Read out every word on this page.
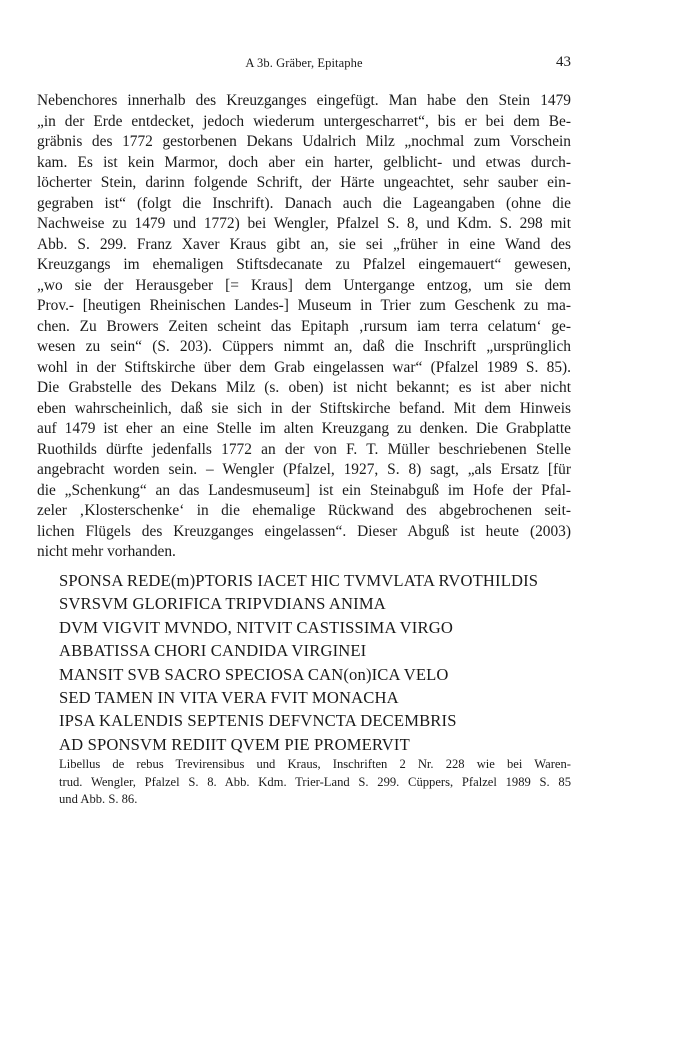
A 3b. Gräber, Epitaphe	43
Nebenchores innerhalb des Kreuzganges eingefügt. Man habe den Stein 1479
„in der Erde entdecket, jedoch wiederum untergescharret“, bis er bei dem Be-
gräbnis des 1772 gestorbenen Dekans Udalrich Milz „nochmal zum Vorschein
kam. Es ist kein Marmor, doch aber ein harter, gelblicht- und etwas durch-
löcherter Stein, darinn folgende Schrift, der Härte ungeachtet, sehr sauber ein-
gegraben ist“ (folgt die Inschrift). Danach auch die Lageangaben (ohne die
Nachweise zu 1479 und 1772) bei Wengler, Pfalzel S. 8, und Kdm. S. 298 mit
Abb. S. 299. Franz Xaver Kraus gibt an, sie sei „früher in eine Wand des
Kreuzgangs im ehemaligen Stiftsdecanate zu Pfalzel eingemauert“ gewesen,
„wo sie der Herausgeber [= Kraus] dem Untergange entzog, um sie dem
Prov.- [heutigen Rheinischen Landes-] Museum in Trier zum Geschenk zu ma-
chen. Zu Browers Zeiten scheint das Epitaph ‚rursum iam terra celatum‘ ge-
wesen zu sein“ (S. 203). Cüppers nimmt an, daß die Inschrift „ursprünglich
wohl in der Stiftskirche über dem Grab eingelassen war“ (Pfalzel 1989 S. 85).
Die Grabstelle des Dekans Milz (s. oben) ist nicht bekannt; es ist aber nicht
eben wahrscheinlich, daß sie sich in der Stiftskirche befand. Mit dem Hinweis
auf 1479 ist eher an eine Stelle im alten Kreuzgang zu denken. Die Grabplatte
Ruothilds dürfte jedenfalls 1772 an der von F. T. Müller beschriebenen Stelle
angebracht worden sein. – Wengler (Pfalzel, 1927, S. 8) sagt, „als Ersatz [für
die „Schenkung“ an das Landesmuseum] ist ein Steinabguß im Hofe der Pfal-
zeler ‚Klosterschenke‘ in die ehemalige Rückwand des abgebrochenen seit-
lichen Flügels des Kreuzganges eingelassen“. Dieser Abguß ist heute (2003)
nicht mehr vorhanden.
SPONSA REDE(m)PTORIS IACET HIC TVMVLATA RVOTHILDIS
SVRSVM GLORIFICA TRIPVDIANS ANIMA
DVM VIGVIT MVNDO, NITVIT CASTISSIMA VIRGO
ABBATISSA CHORI CANDIDA VIRGINEI
MANSIT SVB SACRO SPECIOSA CAN(on)ICA VELO
SED TAMEN IN VITA VERA FVIT MONACHA
IPSA KALENDIS SEPTENIS DEFVNCTA DECEMBRIS
AD SPONSVM REDIIT QVEM PIE PROMERVIT
Libellus de rebus Trevirensibus und Kraus, Inschriften 2 Nr. 228 wie bei Waren-
trud. Wengler, Pfalzel S. 8. Abb. Kdm. Trier-Land S. 299. Cüppers, Pfalzel 1989 S. 85
und Abb. S. 86.
